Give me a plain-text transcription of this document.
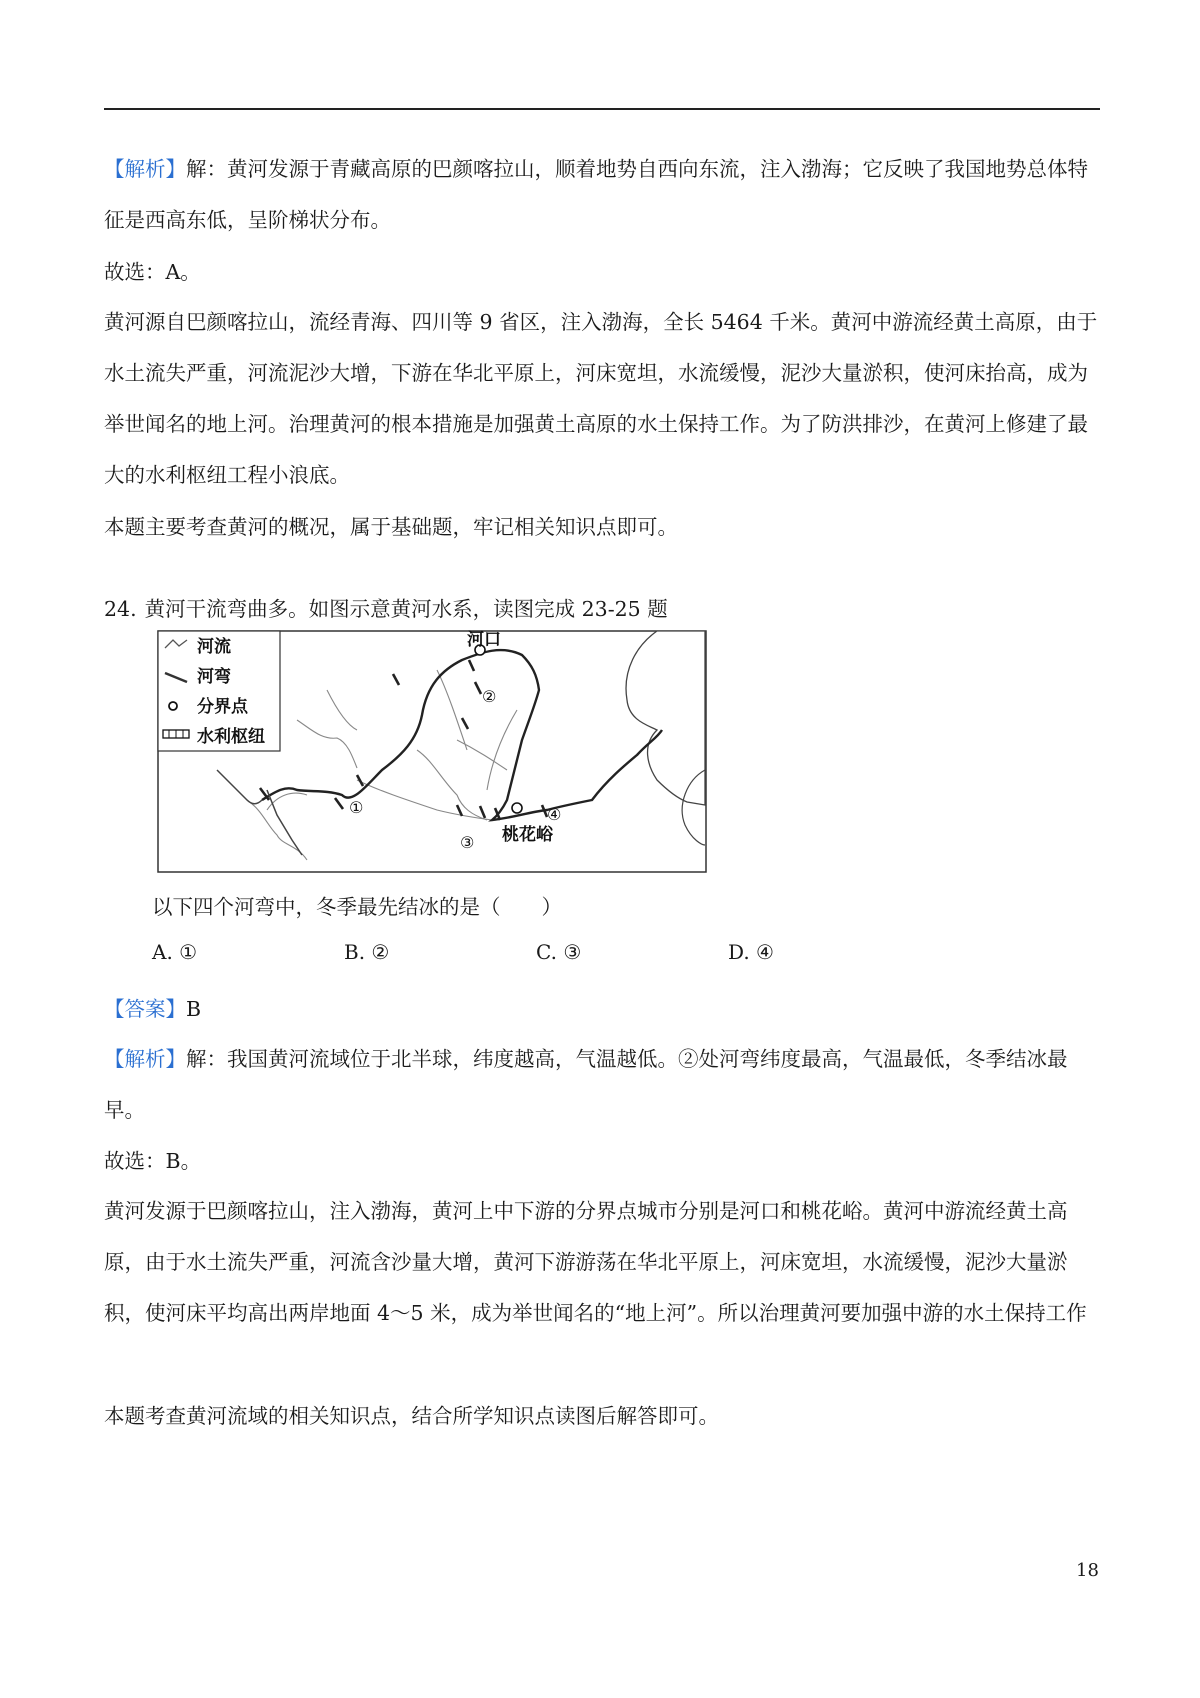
【解析】解：黄河发源于青藏高原的巴颜喀拉山，顺着地势自西向东流，注入渤海；它反映了我国地势总体特征是西高东低，呈阶梯状分布。

故选：A。

黄河源自巴颜喀拉山，流经青海、四川等 9 省区，注入渤海，全长 5464 千米。黄河中游流经黄土高原，由于水土流失严重，河流泥沙大增，下游在华北平原上，河床宽坦，水流缓慢，泥沙大量淤积，使河床抬高，成为举世闻名的地上河。治理黄河的根本措施是加强黄土高原的水土保持工作。为了防洪排沙，在黄河上修建了最大的水利枢纽工程小浪底。

本题主要考查黄河的概况，属于基础题，牢记相关知识点即可。

24. 黄河干流弯曲多。如图示意黄河水系，读图完成 23-25 题

河流
河弯
分界点
水利枢纽
河口
桃花峪
①
②
③
④

以下四个河弯中，冬季最先结冰的是（　　）

A. ①	B. ②	C. ③	D. ④

【答案】B

【解析】解：我国黄河流域位于北半球，纬度越高，气温越低。②处河弯纬度最高，气温最低，冬季结冰最早。

故选：B。

黄河发源于巴颜喀拉山，注入渤海，黄河上中下游的分界点城市分别是河口和桃花峪。黄河中游流经黄土高原，由于水土流失严重，河流含沙量大增，黄河下游游荡在华北平原上，河床宽坦，水流缓慢，泥沙大量淤积，使河床平均高出两岸地面 4～5 米，成为举世闻名的“地上河”。所以治理黄河要加强中游的水土保持工作

本题考查黄河流域的相关知识点，结合所学知识点读图后解答即可。

18
